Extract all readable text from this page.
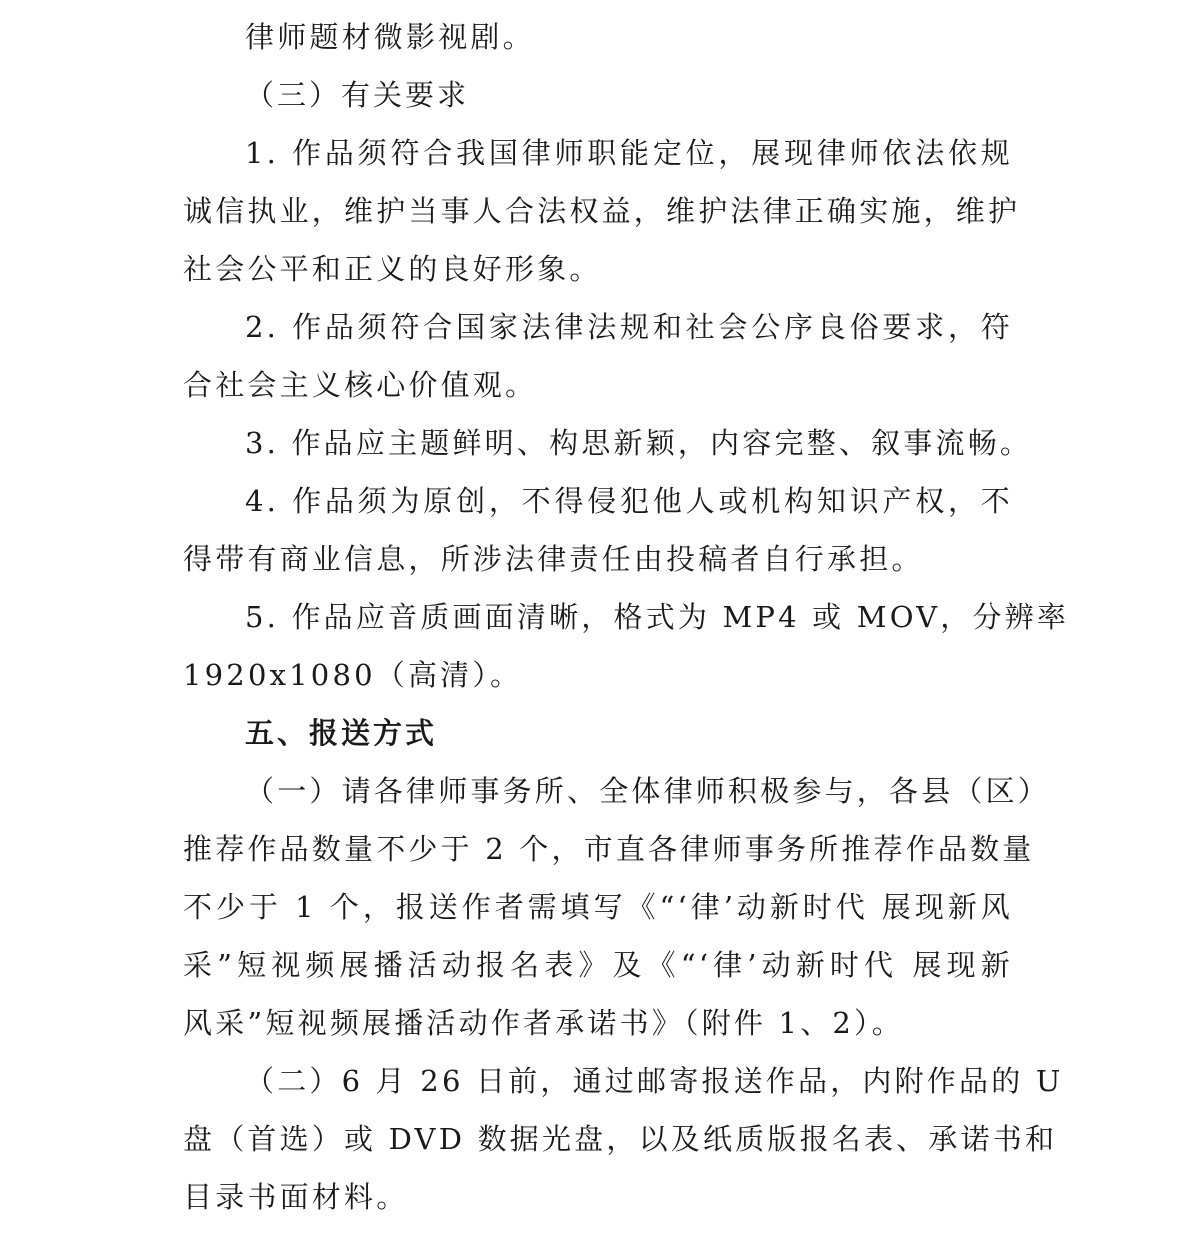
律师题材微影视剧。
（三）有关要求
1. 作品须符合我国律师职能定位，展现律师依法依规
诚信执业，维护当事人合法权益，维护法律正确实施，维护
社会公平和正义的良好形象。
2. 作品须符合国家法律法规和社会公序良俗要求，符
合社会主义核心价值观。
3. 作品应主题鲜明、构思新颖，内容完整、叙事流畅。
4. 作品须为原创，不得侵犯他人或机构知识产权，不
得带有商业信息，所涉法律责任由投稿者自行承担。
5. 作品应音质画面清晰，格式为 MP4 或 MOV，分辨率
1920x1080（高清）。
五、报送方式
（一）请各律师事务所、全体律师积极参与，各县（区）
推荐作品数量不少于 2 个，市直各律师事务所推荐作品数量
不少于 1 个，报送作者需填写《“‘律’动新时代 展现新风
采”短视频展播活动报名表》及《“‘律’动新时代 展现新
风采”短视频展播活动作者承诺书》（附件 1、2）。
（二）6 月 26 日前，通过邮寄报送作品，内附作品的 U
盘（首选）或 DVD 数据光盘，以及纸质版报名表、承诺书和
目录书面材料。
